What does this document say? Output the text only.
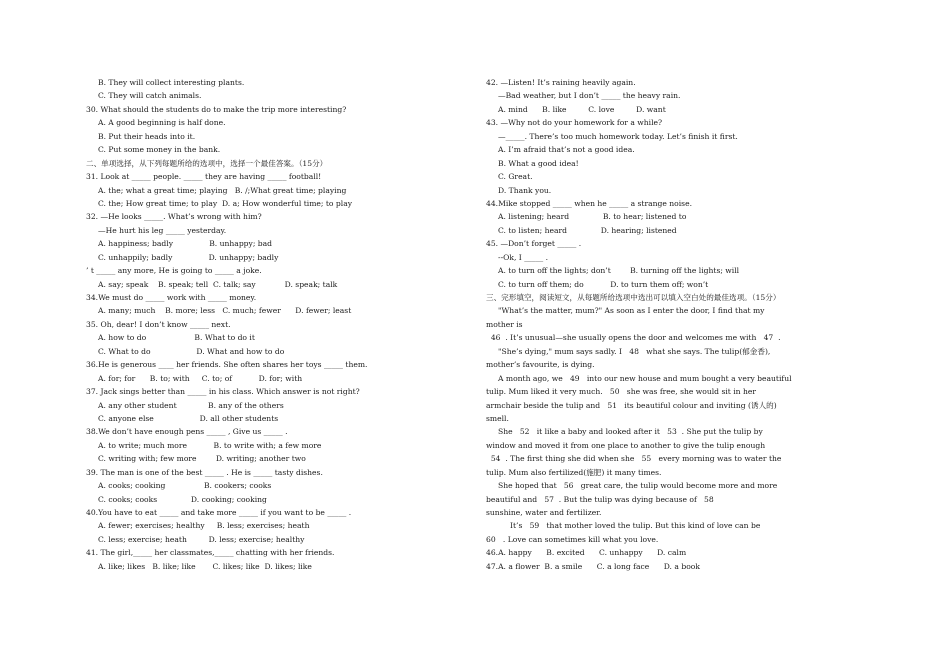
B. They will collect interesting plants.
C. They will catch animals.
30. What should the students do to make the trip more interesting?
A. A good beginning is half done.
B. Put their heads into it.
C. Put some money in the bank.
二、单项选择，从下列每题所给的选项中，选择一个最佳答案。（15分）
31. Look at _____ people. _____ they are having _____ football!
A. the; what a great time; playing   B. /;What great time; playing
C. the; How great time; to play  D. a; How wonderful time; to play
32. —He looks _____. What’s wrong with him?
—He hurt his leg _____ yesterday.
A. happiness; badly               B. unhappy; bad
C. unhappily; badly               D. unhappy; badly
’ t _____ any more, He is going to _____ a joke.
A. say; speak    B. speak; tell  C. talk; say            D. speak; talk
34.We must do _____ work with _____ money.
A. many; much    B. more; less   C. much; fewer      D. fewer; least
35. Oh, dear! I don’t know _____ next.
A. how to do                    B. What to do it
C. What to do                   D. What and how to do
36.He is generous ____ her friends. She often shares her toys _____ them.
A. for; for      B. to; with     C. to; of           D. for; with
37. Jack sings better than _____ in his class. Which answer is not right?
A. any other student             B. any of the others
C. anyone else                   D. all other students
38.We don’t have enough pens _____ , Give us _____ .
A. to write; much more           B. to write with; a few more
C. writing with; few more        D. writing; another two
39. The man is one of the best _____ . He is _____ tasty dishes.
A. cooks; cooking                B. cookers; cooks
C. cooks; cooks              D. cooking; cooking
40.You have to eat _____ and take more _____ if you want to be _____ .
A. fewer; exercises; healthy     B. less; exercises; heath
C. less; exercise; heath         D. less; exercise; healthy
41. The girl,_____ her classmates,_____ chatting with her friends.
A. like; likes   B. like; like       C. likes; like  D. likes; like
42. —Listen! It’s raining heavily again.
—Bad weather, but I don’t _____ the heavy rain.
A. mind      B. like         C. love         D. want
43. —Why not do your homework for a while?
—_____. There’s too much homework today. Let’s finish it first.
A. I’m afraid that’s not a good idea.
B. What a good idea!
C. Great.
D. Thank you.
44.Mike stopped _____ when he _____ a strange noise.
A. listening; heard              B. to hear; listened to
C. to listen; heard              D. hearing; listened
45. —Don’t forget _____ .
--Ok, I _____ .
A. to turn off the lights; don’t        B. turning off the lights; will
C. to turn off them; do           D. to turn them off; won’t
三、完形填空，阅读短文，从每题所给选项中选出可以填入空白处的最佳选项。（15分）
"What’s the matter, mum?" As soon as I enter the door, I find that my
mother is
46  . It’s unusual—she usually opens the door and welcomes me with   47  .
"She’s dying," mum says sadly. I   48   what she says. The tulip(郁金香),
mother’s favourite, is dying.
A month ago, we   49   into our new house and mum bought a very beautiful
tulip. Mum liked it very much.   50   she was free, she would sit in her
armchair beside the tulip and   51   its beautiful colour and inviting (诱人的)
smell.
She   52   it like a baby and looked after it   53  . She put the tulip by
window and moved it from one place to another to give the tulip enough
54  . The first thing she did when she   55   every morning was to water the
tulip. Mum also fertilized(施肥) it many times.
She hoped that   56   great care, the tulip would become more and more
beautiful and   57  . But the tulip was dying because of   58
sunshine, water and fertilizer.
It’s   59   that mother loved the tulip. But this kind of love can be
60   . Love can sometimes kill what you love.
46.A. happy      B. excited      C. unhappy      D. calm
47.A. a flower  B. a smile      C. a long face      D. a book
